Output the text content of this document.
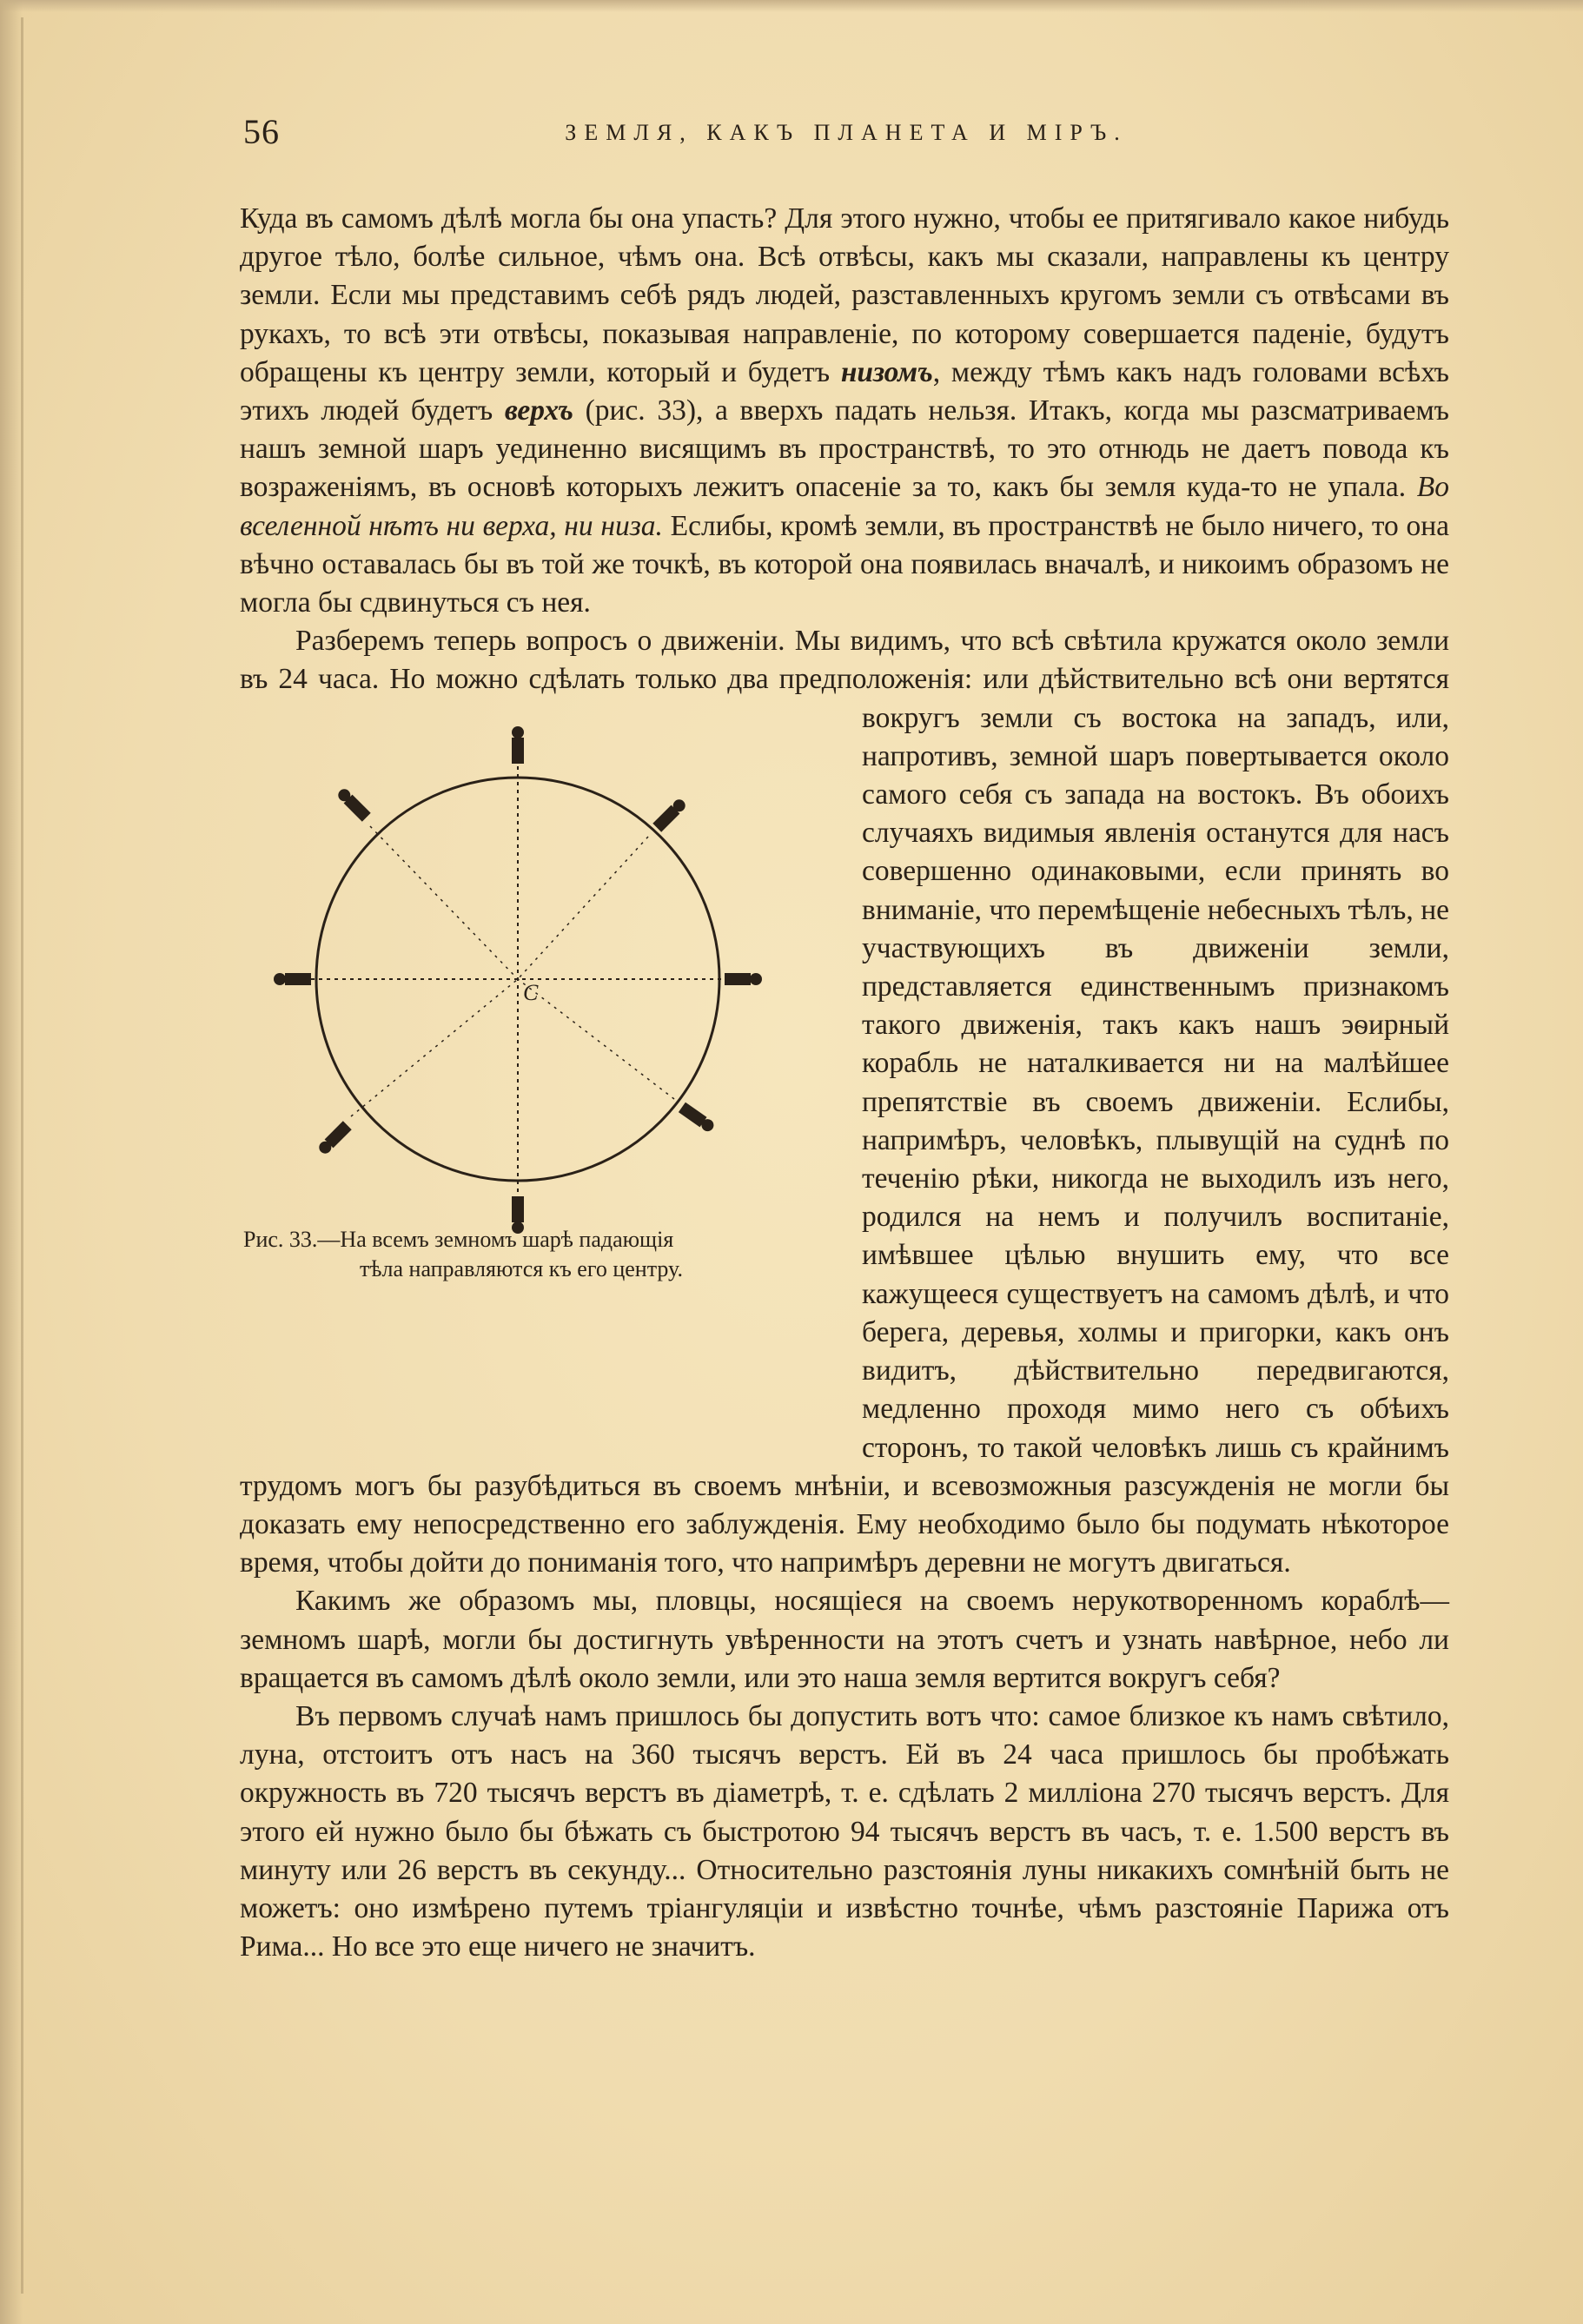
56	ЗЕМЛЯ, КАКЪ ПЛАНЕТА И МІРЪ.

Куда въ самомъ дѣлѣ могла бы она упасть? Для этого нужно, чтобы ее притягивало какое нибудь другое тѣло, болѣе сильное, чѣмъ она. Всѣ отвѣсы, какъ мы сказали, направлены къ центру земли. Если мы представимъ себѣ рядъ людей, разставленныхъ кругомъ земли съ отвѣсами въ рукахъ, то всѣ эти отвѣсы, показывая направленіе, по которому совершается паденіе, будутъ обращены къ центру земли, который и будетъ низомъ, между тѣмъ какъ надъ головами всѣхъ этихъ людей будетъ верхъ (рис. 33), а вверхъ падать нельзя. Итакъ, когда мы разсматриваемъ нашъ земной шаръ уединенно висящимъ въ пространствѣ, то это отнюдь не даетъ повода къ возраженіямъ, въ основѣ которыхъ лежитъ опасеніе за то, какъ бы земля куда-то не упала. Во вселенной нѣтъ ни верха, ни низа. Еслибы, кромѣ земли, въ пространствѣ не было ничего, то она вѣчно оставалась бы въ той же точкѣ, въ которой она появилась вначалѣ, и никоимъ образомъ не могла бы сдвинуться съ нея.

Разберемъ теперь вопросъ о движеніи. Мы видимъ, что всѣ свѣтила кружатся около земли въ 24 часа. Но можно сдѣлать только два предположенія: или
дѣйствительно всѣ они вертятся вокругъ земли съ востока на западъ, или, напротивъ, земной шаръ повертывается около самого себя съ запада на востокъ. Въ обоихъ случаяхъ видимыя явленія останутся для насъ совершенно одинаковыми, если принять во вниманіе, что перемѣщеніе небесныхъ тѣлъ, не участвующихъ въ движеніи земли, представляется единственнымъ признакомъ такого движенія, такъ какъ нашъ эѳирный корабль не наталкивается ни на малѣйшее препятствіе въ своемъ движеніи. Еслибы, напримѣръ, человѣкъ, плывущій на суднѣ по теченію рѣки, никогда не выходилъ изъ него, родился на немъ и получилъ воспитаніе, имѣвшее цѣлью внушить ему, что все кажущееся существуетъ на самомъ дѣлѣ, и что берега, деревья, холмы и пригорки, какъ онъ видитъ, дѣйствительно передвигаются, медленно проходя мимо него съ обѣихъ сторонъ, то такой человѣкъ лишь съ крайнимъ трудомъ могъ бы разубѣдиться въ своемъ мнѣніи, и всевозможныя разсужденія не могли бы доказать ему непосредственно его заблужденія. Ему необходимо было бы подумать нѣкоторое время, чтобы дойти до пониманія того, что напримѣръ деревни не могутъ двигаться.

Какимъ же образомъ мы, пловцы, носящіеся на своемъ нерукотворенномъ кораблѣ—земномъ шарѣ, могли бы достигнуть увѣренности на этотъ счетъ и узнать навѣрное, небо ли вращается въ самомъ дѣлѣ около земли, или это наша земля вертится вокругъ себя?

Въ первомъ случаѣ намъ пришлось бы допустить вотъ что: самое близкое къ намъ свѣтило, луна, отстоитъ отъ насъ на 360 тысячъ верстъ. Ей въ 24 часа пришлось бы пробѣжать окружность въ 720 тысячъ верстъ въ діаметрѣ, т. е. сдѣлать 2 милліона 270 тысячъ верстъ. Для этого ей нужно было бы бѣжать съ быстротою 94 тысячъ верстъ въ часъ, т. е. 1.500 верстъ въ минуту или 26 верстъ въ секунду... Относительно разстоянія луны никакихъ сомнѣній быть не можетъ: оно измѣрено путемъ тріангуляціи и извѣстно точнѣе, чѣмъ разстояніе Парижа отъ Рима... Но все это еще ничего не значитъ.

C
Рис. 33.—На всемъ земномъ шарѣ падающія
тѣла направляются къ его центру.
